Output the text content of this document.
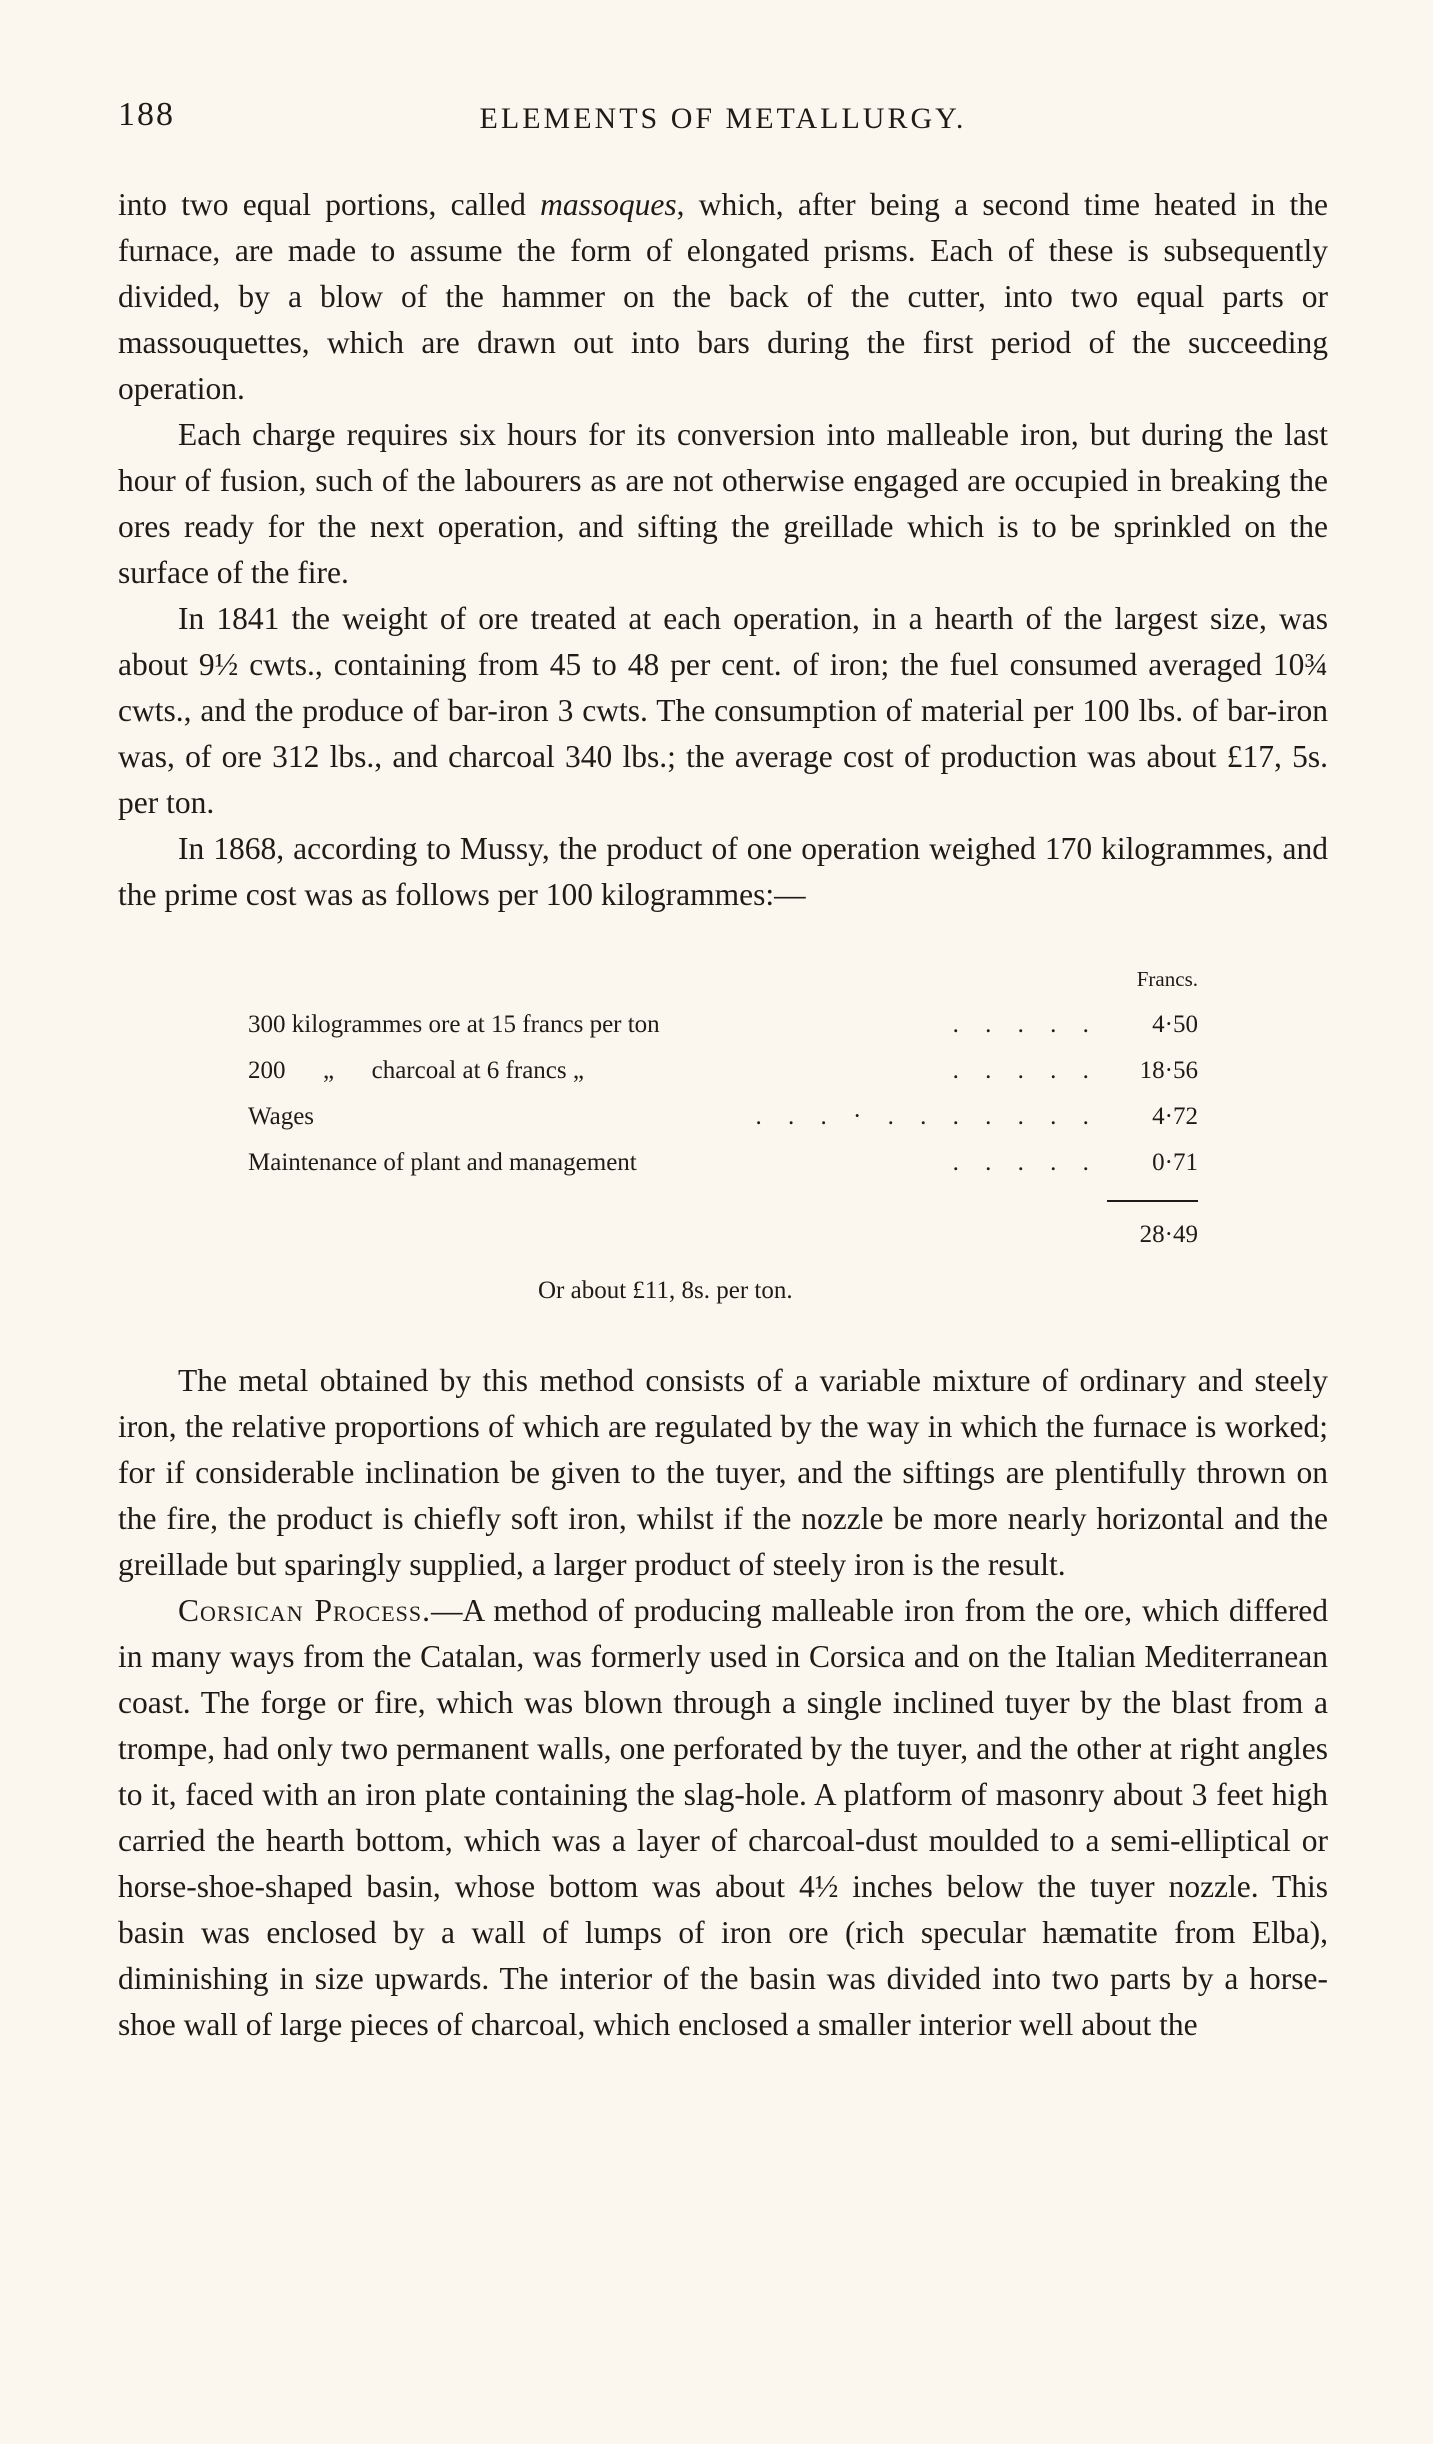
188	ELEMENTS OF METALLURGY.

into two equal portions, called massoques, which, after being a second time heated in the furnace, are made to assume the form of elongated prisms. Each of these is subsequently divided, by a blow of the hammer on the back of the cutter, into two equal parts or massouquettes, which are drawn out into bars during the first period of the succeeding operation.

Each charge requires six hours for its conversion into malleable iron, but during the last hour of fusion, such of the labourers as are not otherwise engaged are occupied in breaking the ores ready for the next operation, and sifting the greillade which is to be sprinkled on the surface of the fire.

In 1841 the weight of ore treated at each operation, in a hearth of the largest size, was about 9½ cwts., containing from 45 to 48 per cent. of iron; the fuel consumed averaged 10¾ cwts., and the produce of bar-iron 3 cwts. The consumption of material per 100 lbs. of bar-iron was, of ore 312 lbs., and charcoal 340 lbs.; the average cost of production was about £17, 5s. per ton.

In 1868, according to Mussy, the product of one operation weighed 170 kilogrammes, and the prime cost was as follows per 100 kilogrammes:—

		Francs.
300 kilogrammes ore at 15 francs per ton	. . . . .	4·50
200      „      charcoal at 6 francs „	. . . . .	18·56
Wages	. . . · . . . . . . .	4·72
Maintenance of plant and management	. . . . .	0·71

		28·49
Or about £11, 8s. per ton.

The metal obtained by this method consists of a variable mixture of ordinary and steely iron, the relative proportions of which are regulated by the way in which the furnace is worked; for if considerable inclination be given to the tuyer, and the siftings are plentifully thrown on the fire, the product is chiefly soft iron, whilst if the nozzle be more nearly horizontal and the greillade but sparingly supplied, a larger product of steely iron is the result.

Corsican Process.—A method of producing malleable iron from the ore, which differed in many ways from the Catalan, was formerly used in Corsica and on the Italian Mediterranean coast. The forge or fire, which was blown through a single inclined tuyer by the blast from a trompe, had only two permanent walls, one perforated by the tuyer, and the other at right angles to it, faced with an iron plate containing the slag-hole. A platform of masonry about 3 feet high carried the hearth bottom, which was a layer of charcoal-dust moulded to a semi-elliptical or horse-shoe-shaped basin, whose bottom was about 4½ inches below the tuyer nozzle. This basin was enclosed by a wall of lumps of iron ore (rich specular hæmatite from Elba), diminishing in size upwards. The interior of the basin was divided into two parts by a horse-shoe wall of large pieces of charcoal, which enclosed a smaller interior well about the
